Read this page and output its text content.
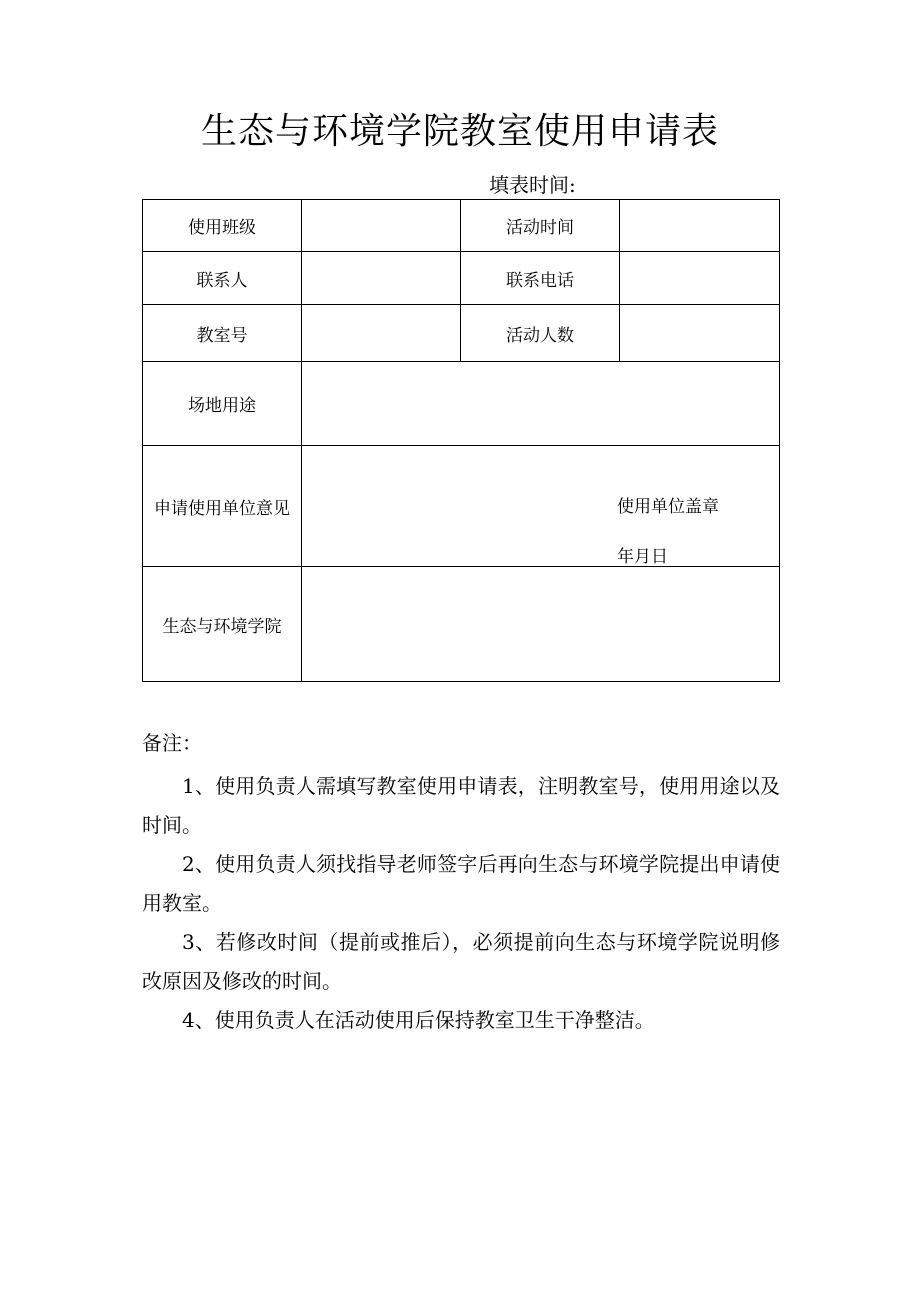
生态与环境学院教室使用申请表
填表时间:
使用班级		活动时间	
联系人		联系电话	
教室号		活动人数	
场地用途			
申请使用单位意见	使用单位盖章
年月日		

生态与环境学院			
备注：
1、使用负责人需填写教室使用申请表，注明教室号，使用用途以及时间。
2、使用负责人须找指导老师签字后再向生态与环境学院提出申请使用教室。
3、若修改时间（提前或推后），必须提前向生态与环境学院说明修改原因及修改的时间。
4、使用负责人在活动使用后保持教室卫生干净整洁。
